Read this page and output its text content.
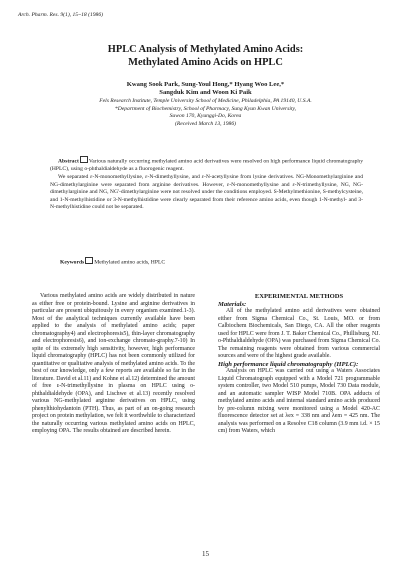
Arch. Pharm. Res. 9(1), 15~18 (1986)
HPLC Analysis of Methylated Amino Acids:
Methylated Amino Acids on HPLC
Kwang Sook Park, Sung-Youl Hong,* Hyang Woo Lee,*
Sangduk Kim and Woon Ki Paik
Fels Research Institute, Temple University School of Medicine, Philadelphia, PA 19140, U.S.A.
*Department of Biochemistry, School of Pharmacy, Sung Kyun Kwan University,
Suwon 170, Kyunggi-Do, Korea
(Received March 13, 1986)

Abstract Various naturally occurring methylated amino acid derivatives were resolved on high performance liquid chromatography (HPLC), using o-phthaldialdehyde as a fluorogenic reagent.

We separated ε-N-monomethyllysine, ε-N-dimethyllysine, and ε-N-acetyllysine from lysine derivatives. NG-Monomethylarginine and NG-dimethylarginine were separated from arginine derivatives. However, ε-N-monomethyllysine and ε-N-trimethyllysine, NG, NG-dimethylarginine and NG, NG'-dimethylarginine were not resolved under the conditions employed. S-Methylmethionine, S-methylcysteine, and 1-N-methylhistidine or 3-N-methylhistidine were clearly separated from their reference amino acids, even though 1-N-methyl- and 3-N-methylhistidine could not be separated.

Keywords Methylated amino acids, HPLC

Various methylated amino acids are widely distributed in nature as either free or protein-bound. Lysine and arginine derivatives in particular are present ubiquitously in every organism examined.1-3). Most of the analytical techniques currently available have been applied to the analysis of methylated amino acids; paper chromatography4) and electrophoresis5), thin-layer chromatography and electrophoresis6), and ion-exchange chromato-graphy.7-10) In spite of its extremely high sensitivity, however, high performance liquid chromatography (HPLC) has not been commonly utilized for quantitative or qualitative analysis of methylated amino acids. To the best of our knowledge, only a few reports are available so far in the literature. David et al.11) and Kohne et al.12) determined the amount of free ε-N-trimethyllysine in plasma on HPLC using o-phthaldialdehyde (OPA), and Lischwe et al.13) recently resolved various NG-methylated arginine derivatives on HPLC, using phenylthiohydantoin (PTH). Thus, as part of an on-going research project on protein methylation, we felt it worthwhile to characterized the naturally occurring various methylated amino acids on HPLC, employing OPA. The results obtained are described herein.

EXPERIMENTAL METHODS

Materials:

All of the methylated amino acid derivatives were obtained either from Sigma Chemical Co., St. Louis, MO. or from Calbiochem Biochemicals, San Diego, CA. All the other reagents used for HPLC were from J. T. Baker Chemical Co., Phillisburg, NJ. o-Phthaldialdehyde (OPA) was purchased from Sigma Chemical Co. The remaining reagents were obtained from various commercial sources and were of the highest grade available.

High performance liquid chromatography (HPLC):

Analysis on HPLC was carried out using a Waters Associates Liquid Chromatograph equipped with a Model 721 programmable system controller, two Model 510 pumps, Model 730 Data module, and an automatic sampler WISP Model 710B. OPA adducts of methylated amino acids and internal standard amino acids produced by pre-column mixing were monitored using a Model 420-AC fluorescence detector set at λex = 338 nm and λem = 425 nm. The analysis was performed on a Resolve C18 column (3.9 mm i.d. × 15 cm) from Waters, which

15
